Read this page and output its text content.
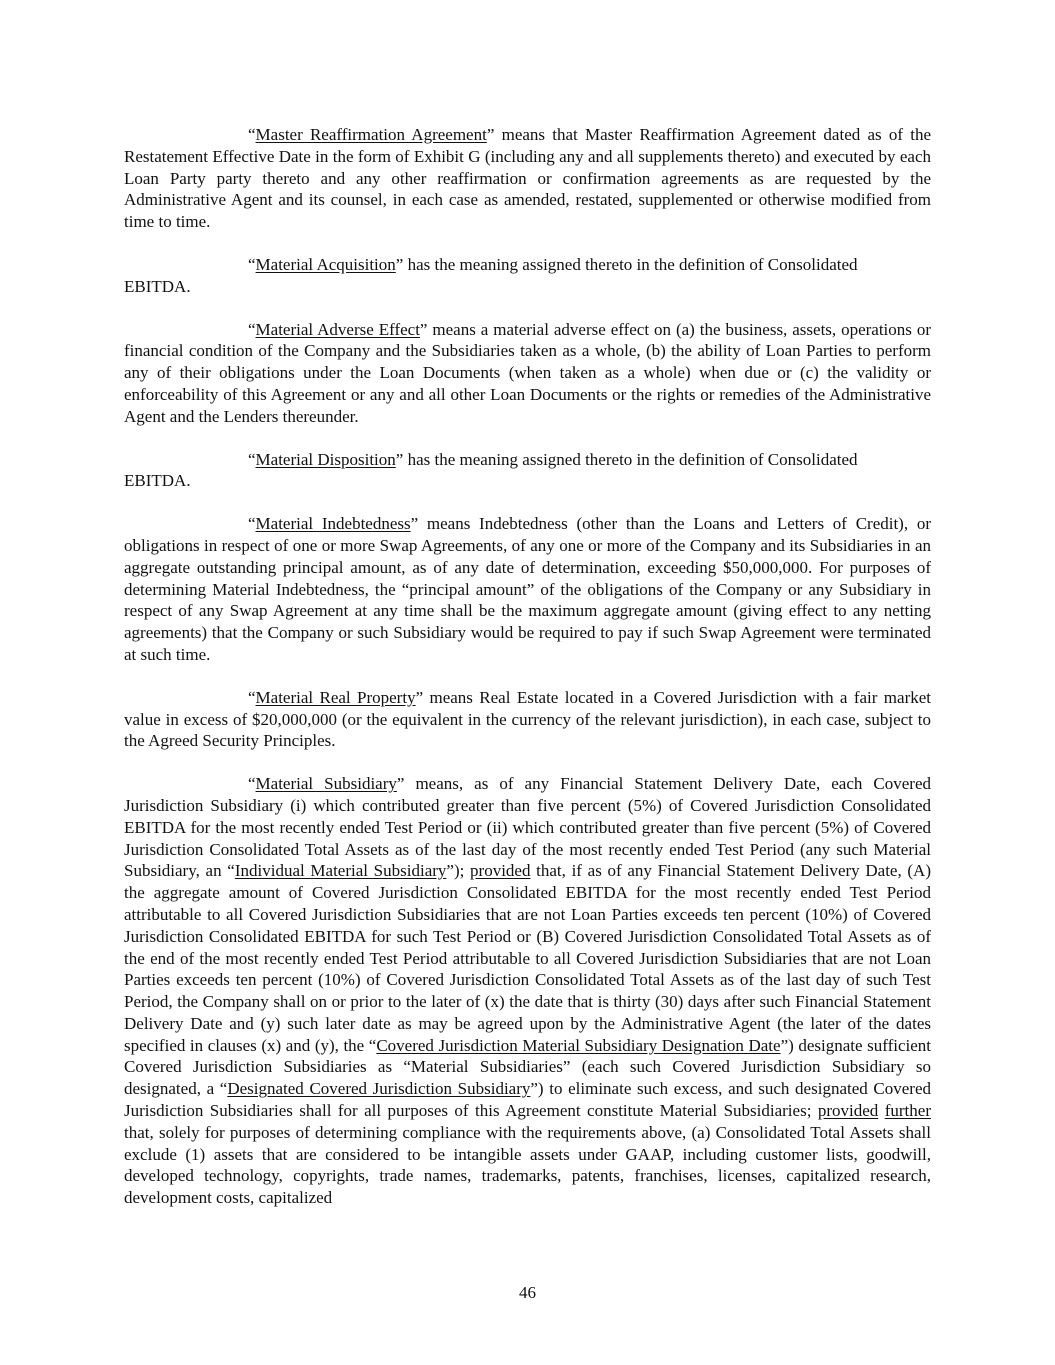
“Master Reaffirmation Agreement” means that Master Reaffirmation Agreement dated as of the Restatement Effective Date in the form of Exhibit G (including any and all supplements thereto) and executed by each Loan Party party thereto and any other reaffirmation or confirmation agreements as are requested by the Administrative Agent and its counsel, in each case as amended, restated, supplemented or otherwise modified from time to time.

“Material Acquisition” has the meaning assigned thereto in the definition of Consolidated
EBITDA.

“Material Adverse Effect” means a material adverse effect on (a) the business, assets, operations or financial condition of the Company and the Subsidiaries taken as a whole, (b) the ability of Loan Parties to perform any of their obligations under the Loan Documents (when taken as a whole) when due or (c) the validity or enforceability of this Agreement or any and all other Loan Documents or the rights or remedies of the Administrative Agent and the Lenders thereunder.

“Material Disposition” has the meaning assigned thereto in the definition of Consolidated
EBITDA.

“Material Indebtedness” means Indebtedness (other than the Loans and Letters of Credit), or obligations in respect of one or more Swap Agreements, of any one or more of the Company and its Subsidiaries in an aggregate outstanding principal amount, as of any date of determination, exceeding $50,000,000. For purposes of determining Material Indebtedness, the “principal amount” of the obligations of the Company or any Subsidiary in respect of any Swap Agreement at any time shall be the maximum aggregate amount (giving effect to any netting agreements) that the Company or such Subsidiary would be required to pay if such Swap Agreement were terminated at such time.

“Material Real Property” means Real Estate located in a Covered Jurisdiction with a fair market value in excess of $20,000,000 (or the equivalent in the currency of the relevant jurisdiction), in each case, subject to the Agreed Security Principles.

“Material Subsidiary” means, as of any Financial Statement Delivery Date, each Covered Jurisdiction Subsidiary (i) which contributed greater than five percent (5%) of Covered Jurisdiction Consolidated EBITDA for the most recently ended Test Period or (ii) which contributed greater than five percent (5%) of Covered Jurisdiction Consolidated Total Assets as of the last day of the most recently ended Test Period (any such Material Subsidiary, an “Individual Material Subsidiary”); provided that, if as of any Financial Statement Delivery Date, (A) the aggregate amount of Covered Jurisdiction Consolidated EBITDA for the most recently ended Test Period attributable to all Covered Jurisdiction Subsidiaries that are not Loan Parties exceeds ten percent (10%) of Covered Jurisdiction Consolidated EBITDA for such Test Period or (B) Covered Jurisdiction Consolidated Total Assets as of the end of the most recently ended Test Period attributable to all Covered Jurisdiction Subsidiaries that are not Loan Parties exceeds ten percent (10%) of Covered Jurisdiction Consolidated Total Assets as of the last day of such Test Period, the Company shall on or prior to the later of (x) the date that is thirty (30) days after such Financial Statement Delivery Date and (y) such later date as may be agreed upon by the Administrative Agent (the later of the dates specified in clauses (x) and (y), the “Covered Jurisdiction Material Subsidiary Designation Date”) designate sufficient Covered Jurisdiction Subsidiaries as “Material Subsidiaries” (each such Covered Jurisdiction Subsidiary so designated, a “Designated Covered Jurisdiction Subsidiary”) to eliminate such excess, and such designated Covered Jurisdiction Subsidiaries shall for all purposes of this Agreement constitute Material Subsidiaries; provided further that, solely for purposes of determining compliance with the requirements above, (a) Consolidated Total Assets shall exclude (1) assets that are considered to be intangible assets under GAAP, including customer lists, goodwill, developed technology, copyrights, trade names, trademarks, patents, franchises, licenses, capitalized research, development costs, capitalized

46
